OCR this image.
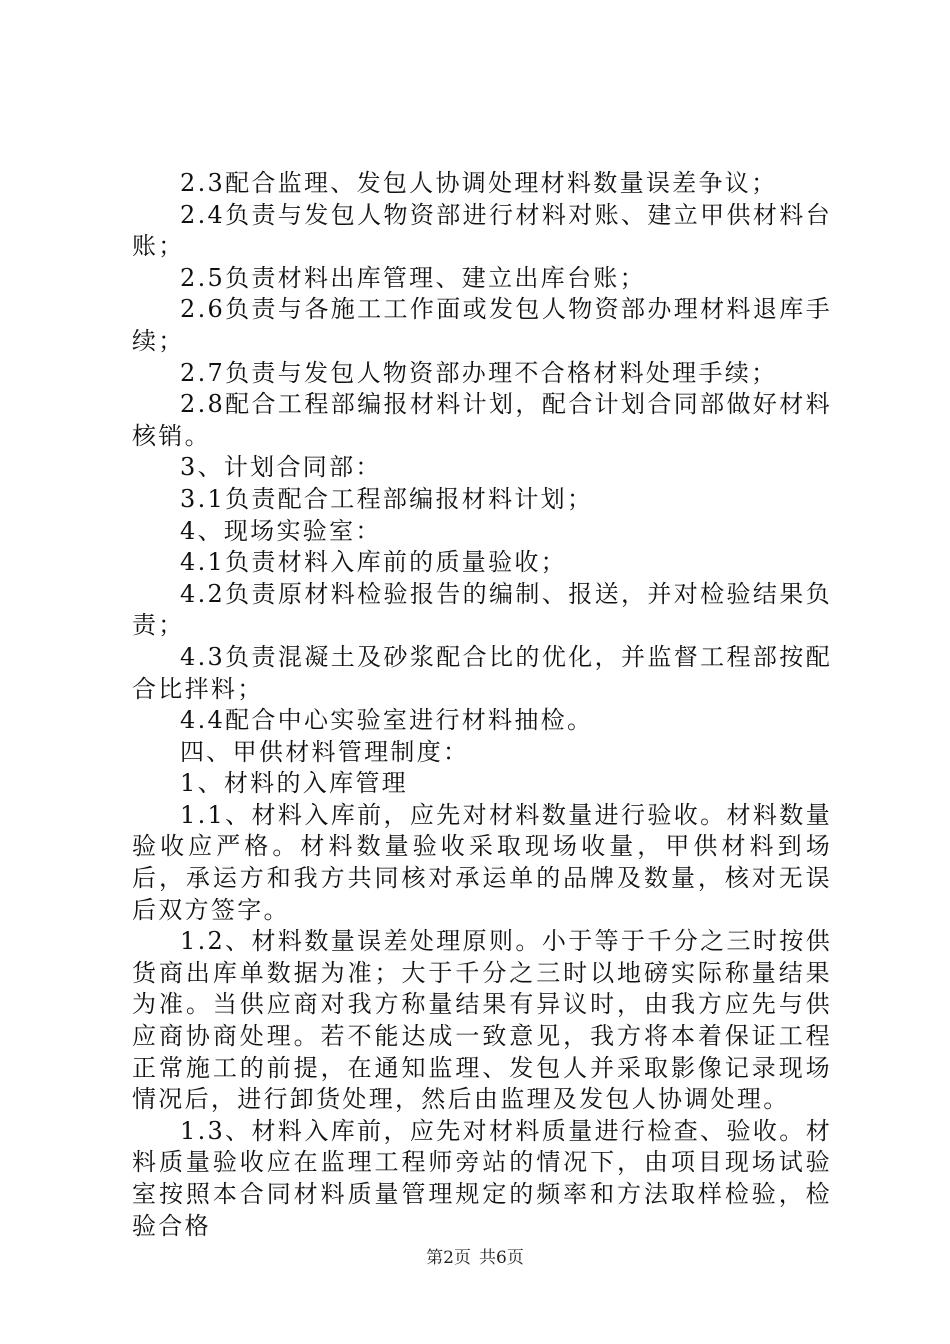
2.3配合监理、发包人协调处理材料数量误差争议；

2.4负责与发包人物资部进行材料对账、建立甲供材料台账；

2.5负责材料出库管理、建立出库台账；

2.6负责与各施工工作面或发包人物资部办理材料退库手续；

2.7负责与发包人物资部办理不合格材料处理手续；

2.8配合工程部编报材料计划，配合计划合同部做好材料核销。

3、计划合同部：

3.1负责配合工程部编报材料计划；

4、现场实验室：

4.1负责材料入库前的质量验收；

4.2负责原材料检验报告的编制、报送，并对检验结果负责；

4.3负责混凝土及砂浆配合比的优化，并监督工程部按配合比拌料；

4.4配合中心实验室进行材料抽检。

四、甲供材料管理制度：

1、材料的入库管理

1.1、材料入库前，应先对材料数量进行验收。材料数量验收应严格。材料数量验收采取现场收量，甲供材料到场后，承运方和我方共同核对承运单的品牌及数量，核对无误后双方签字。

1.2、材料数量误差处理原则。小于等于千分之三时按供货商出库单数据为准；大于千分之三时以地磅实际称量结果为准。当供应商对我方称量结果有异议时，由我方应先与供应商协商处理。若不能达成一致意见，我方将本着保证工程正常施工的前提，在通知监理、发包人并采取影像记录现场情况后，进行卸货处理，然后由监理及发包人协调处理。

1.3、材料入库前，应先对材料质量进行检查、验收。材料质量验收应在监理工程师旁站的情况下，由项目现场试验室按照本合同材料质量管理规定的频率和方法取样检验，检验合格

第2页 共6页
